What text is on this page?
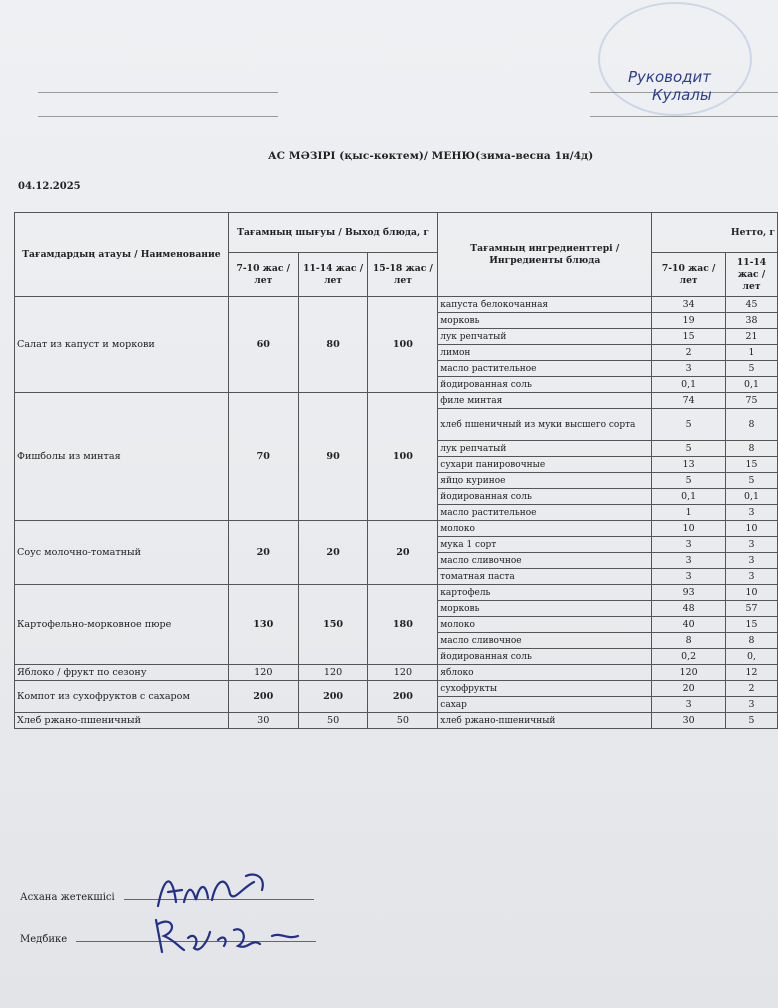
Руководит
Кулалы
АС МӘЗІРІ (қыс-көктем)/ МЕНЮ(зима-весна 1н/4д)
04.12.2025
Тағамдардың атауы / Наименование	Тағамның шығуы / Выход блюда, г			Тағамның ингредиенттері / Ингредиенты блюда	Нетто, г	
	7-10 жас / лет	11-14 жас / лет	15-18 жас / лет		7-10 жас / лет	11-14 жас / лет
Салат из капуст и моркови	60	80	100	капуста белокочанная	34	45
				морковь	19	38
				лук репчатый	15	21
				лимон	2	1
				масло растительное	3	5
				йодированная соль	0,1	0,1
Фишболы из минтая	70	90	100	филе минтая	74	75
				хлеб пшеничный из муки высшего сорта	5	8
				лук репчатый	5	8
				сухари панировочные	13	15
				яйцо куриное	5	5
				йодированная соль	0,1	0,1
				масло растительное	1	3
Соус молочно-томатный	20	20	20	молоко	10	10
				мука 1 сорт	3	3
				масло сливочное	3	3
				томатная паста	3	3
Картофельно-морковное пюре	130	150	180	картофель	93	10
				морковь	48	57
				молоко	40	15
				масло сливочное	8	8
				йодированная соль	0,2	0,
Яблоко / фрукт по сезону	120	120	120	яблоко	120	12
Компот из сухофруктов с сахаром	200	200	200	сухофрукты	20	2
				сахар	3	3
Хлеб ржано-пшеничный	30	50	50	хлеб ржано-пшеничный	30	5
Асхана жетекшісі
Медбике
